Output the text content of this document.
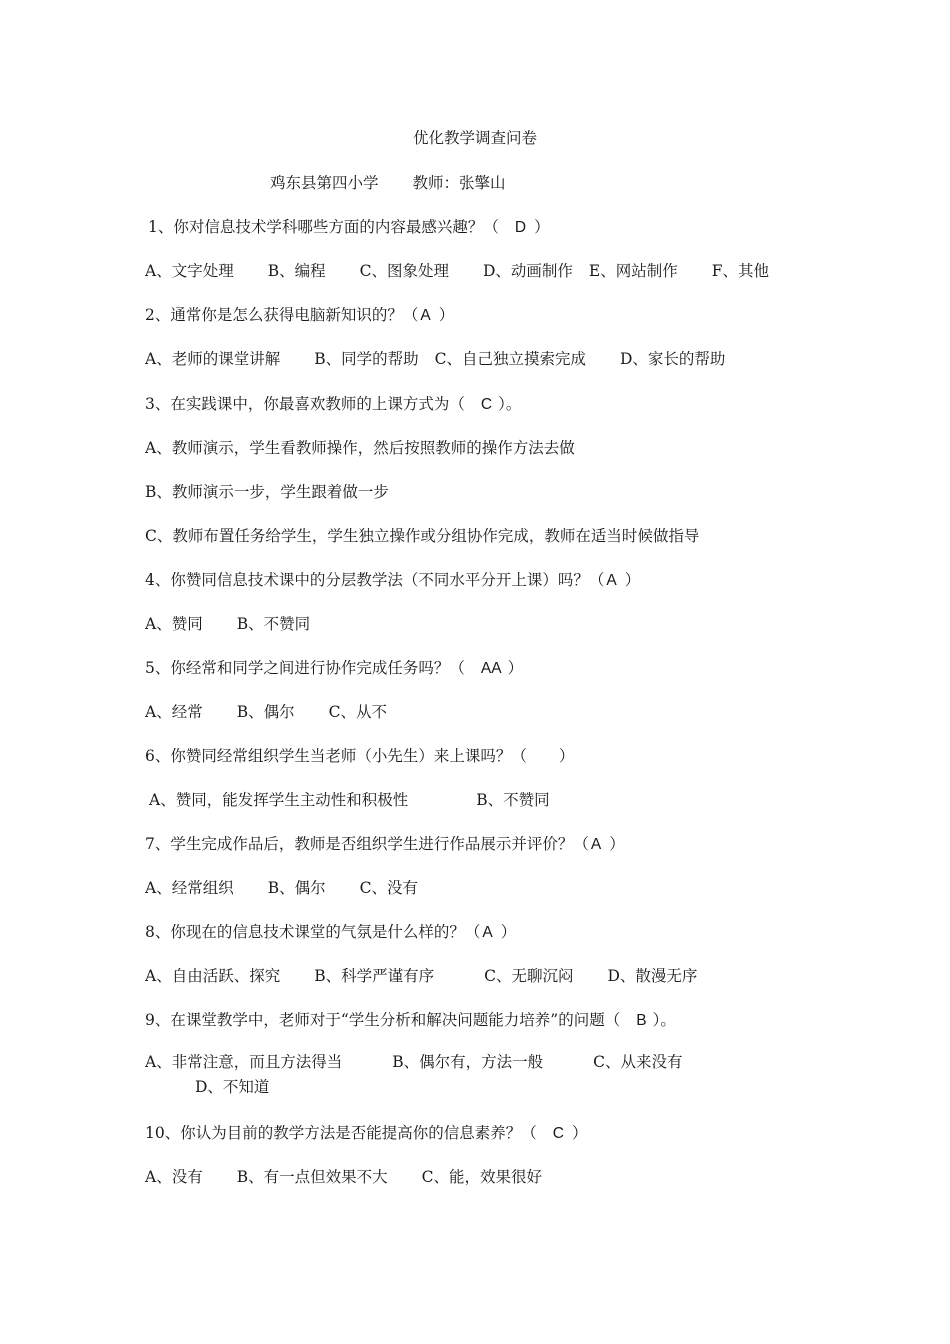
优化教学调查问卷
鸡东县第四小学 教师：张擎山
1、你对信息技术学科哪些方面的内容最感兴趣？（ D ）
A、文字处理 B、编程 C、图象处理 D、动画制作 E、网站制作 F、其他
2、通常你是怎么获得电脑新知识的？（ A ）
A、老师的课堂讲解 B、同学的帮助 C、自己独立摸索完成 D、家长的帮助
3、在实践课中，你最喜欢教师的上课方式为（ C ）。
A、教师演示，学生看教师操作，然后按照教师的操作方法去做
B、教师演示一步，学生跟着做一步
C、教师布置任务给学生，学生独立操作或分组协作完成，教师在适当时候做指导
4、你赞同信息技术课中的分层教学法（不同水平分开上课）吗？（ A ）
A、赞同 B、不赞同
5、你经常和同学之间进行协作完成任务吗？（ AA ）
A、经常 B、偶尔 C、从不
6、你赞同经常组织学生当老师（小先生）来上课吗？（ ）
A、赞同，能发挥学生主动性和积极性	B、不赞同
7、学生完成作品后，教师是否组织学生进行作品展示并评价？（ A ）
A、经常组织 B、偶尔 C、没有
8、你现在的信息技术课堂的气氛是什么样的？（ A ）
A、自由活跃、探究 B、科学严谨有序	C、无聊沉闷 D、散漫无序
9、在课堂教学中，老师对于“学生分析和解决问题能力培养”的问题（ B ）。
A、非常注意，而且方法得当	B、偶尔有，方法一般	C、从来没有D、不知道
10、你认为目前的教学方法是否能提高你的信息素养？（ C ）
A、没有 B、有一点但效果不大 C、能，效果很好
